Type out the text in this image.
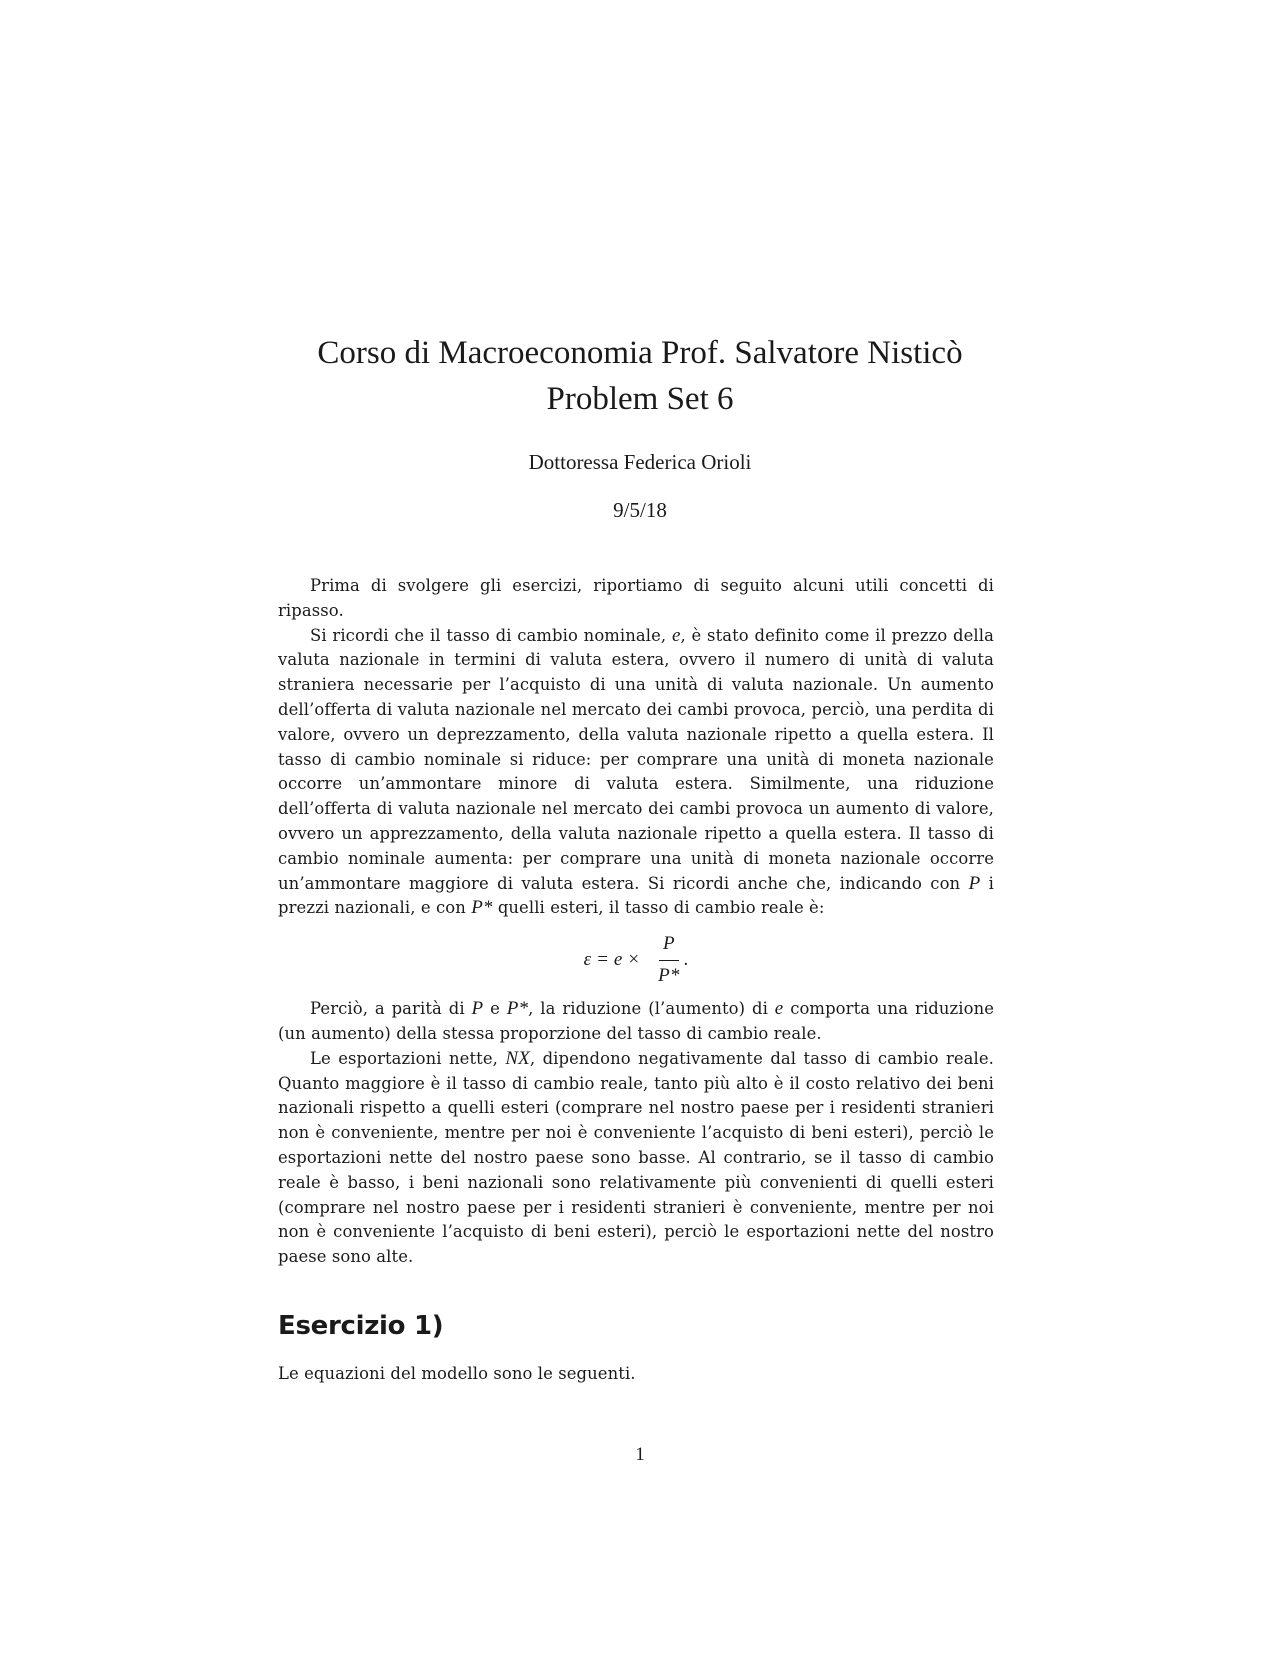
Corso di Macroeconomia Prof. Salvatore Nisticò
Problem Set 6
Dottoressa Federica Orioli
9/5/18

Prima di svolgere gli esercizi, riportiamo di seguito alcuni utili concetti di ripasso.

Si ricordi che il tasso di cambio nominale, e, è stato definito come il prezzo della valuta nazionale in termini di valuta estera, ovvero il numero di unità di valuta straniera necessarie per l’acquisto di una unità di valuta nazionale. Un aumento dell’offerta di valuta nazionale nel mercato dei cambi provoca, perciò, una perdita di valore, ovvero un deprezzamento, della valuta nazionale ripetto a quella estera. Il tasso di cambio nominale si riduce: per comprare una unità di moneta nazionale occorre un’ammontare minore di valuta estera. Similmente, una riduzione dell’offerta di valuta nazionale nel mercato dei cambi provoca un aumento di valore, ovvero un apprezzamento, della valuta nazionale ripetto a quella estera. Il tasso di cambio nominale aumenta: per comprare una unità di moneta nazionale occorre un’ammontare maggiore di valuta estera. Si ricordi anche che, indicando con P i prezzi nazionali, e con P* quelli esteri, il tasso di cambio reale è:

$\varepsilon = e \times \frac{P}{P*}$ .

Perciò, a parità di P e P*, la riduzione (l’aumento) di e comporta una riduzione (un aumento) della stessa proporzione del tasso di cambio reale.

Le esportazioni nette, NX, dipendono negativamente dal tasso di cambio reale. Quanto maggiore è il tasso di cambio reale, tanto più alto è il costo relativo dei beni nazionali rispetto a quelli esteri (comprare nel nostro paese per i residenti stranieri non è conveniente, mentre per noi è conveniente l’acquisto di beni esteri), perciò le esportazioni nette del nostro paese sono basse. Al contrario, se il tasso di cambio reale è basso, i beni nazionali sono relativamente più convenienti di quelli esteri (comprare nel nostro paese per i residenti stranieri è conveniente, mentre per noi non è conveniente l’acquisto di beni esteri), perciò le esportazioni nette del nostro paese sono alte.

Esercizio 1)

Le equazioni del modello sono le seguenti.

1
